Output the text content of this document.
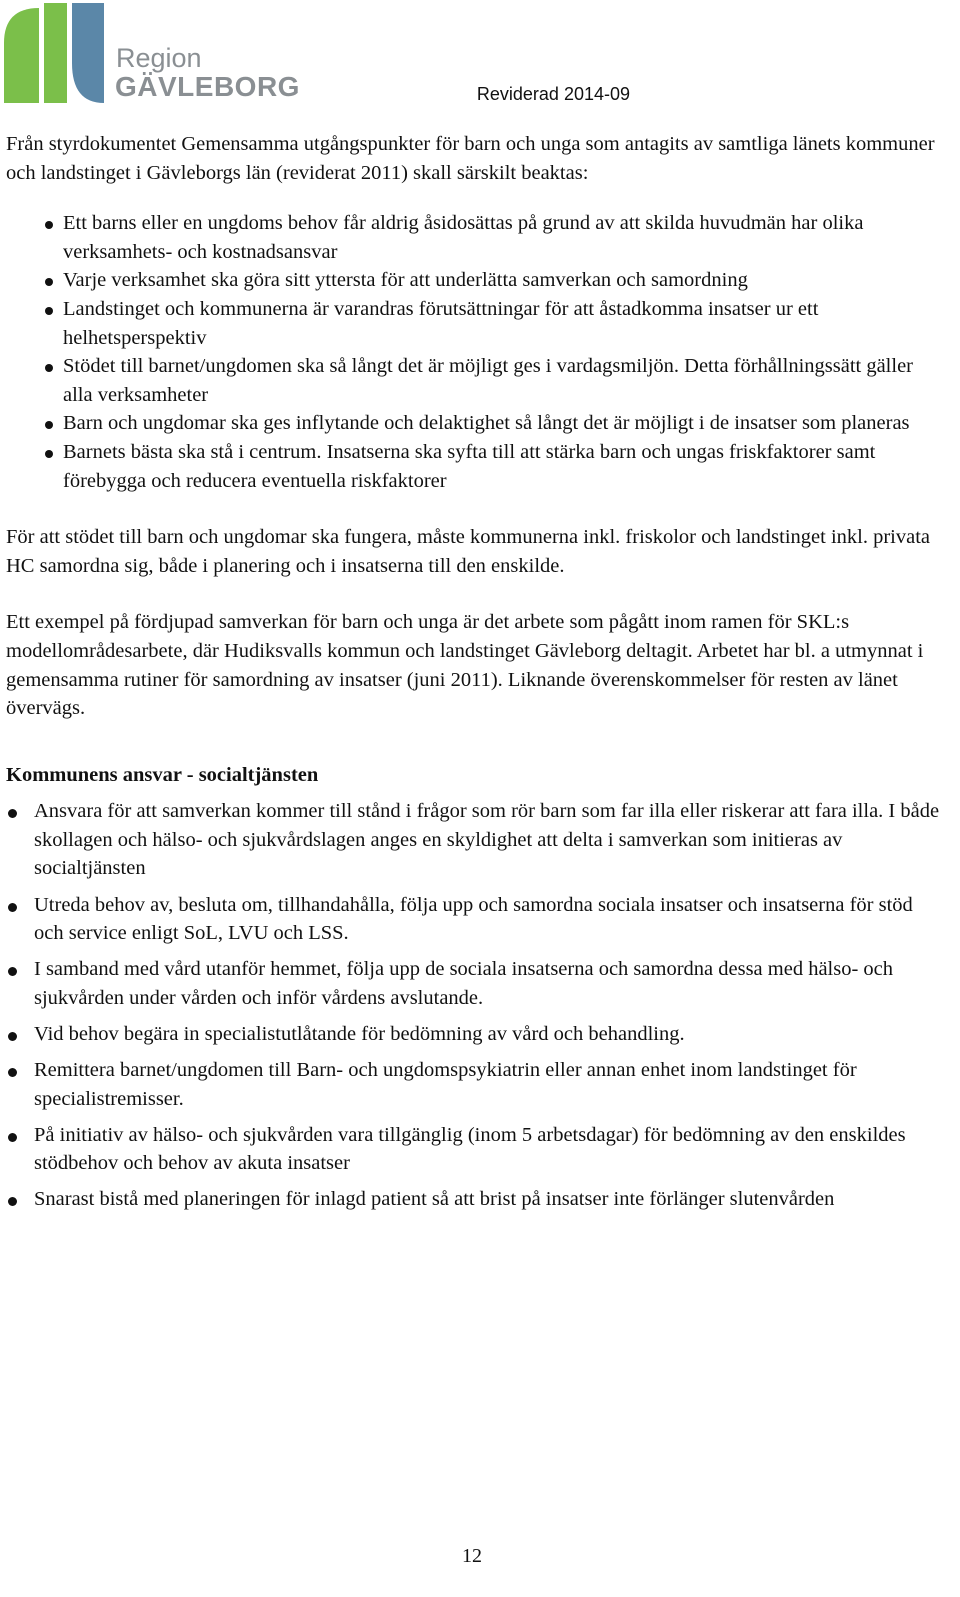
Region
GÄVLEBORG	Reviderad 2014-09

Från styrdokumentet Gemensamma utgångspunkter för barn och unga som antagits av samtliga länets kommuner och landstinget i Gävleborgs län (reviderat 2011) skall särskilt beaktas:

Ett barns eller en ungdoms behov får aldrig åsidosättas på grund av att skilda huvudmän har olika verksamhets- och kostnadsansvar
Varje verksamhet ska göra sitt yttersta för att underlätta samverkan och samordning
Landstinget och kommunerna är varandras förutsättningar för att åstadkomma insatser ur ett helhetsperspektiv
Stödet till barnet/ungdomen ska så långt det är möjligt ges i vardagsmiljön. Detta förhållningssätt gäller alla verksamheter
Barn och ungdomar ska ges inflytande och delaktighet så långt det är möjligt i de insatser som planeras
Barnets bästa ska stå i centrum. Insatserna ska syfta till att stärka barn och ungas friskfaktorer samt förebygga och reducera eventuella riskfaktorer

För att stödet till barn och ungdomar ska fungera, måste kommunerna inkl. friskolor och landstinget inkl. privata HC samordna sig, både i planering och i insatserna till den enskilde.

Ett exempel på fördjupad samverkan för barn och unga är det arbete som pågått inom ramen för SKL:s modellområdesarbete, där Hudiksvalls kommun och landstinget Gävleborg deltagit. Arbetet har bl. a utmynnat i gemensamma rutiner för samordning av insatser (juni 2011). Liknande överenskommelser för resten av länet övervägs.

Kommunens ansvar - socialtjänsten

Ansvara för att samverkan kommer till stånd i frågor som rör barn som far illa eller riskerar att fara illa. I både skollagen och hälso- och sjukvårdslagen anges en skyldighet att delta i samverkan som initieras av socialtjänsten
Utreda behov av, besluta om, tillhandahålla, följa upp och samordna sociala insatser och insatserna för stöd och service enligt SoL, LVU och LSS.
I samband med vård utanför hemmet, följa upp de sociala insatserna och samordna dessa med hälso- och sjukvården under vården och inför vårdens avslutande.
Vid behov begära in specialistutlåtande för bedömning av vård och behandling.
Remittera barnet/ungdomen till Barn- och ungdomspsykiatrin eller annan enhet inom landstinget för specialistremisser.
På initiativ av hälso- och sjukvården vara tillgänglig (inom 5 arbetsdagar) för bedömning av den enskildes stödbehov och behov av akuta insatser
Snarast bistå med planeringen för inlagd patient så att brist på insatser inte förlänger slutenvården
12
